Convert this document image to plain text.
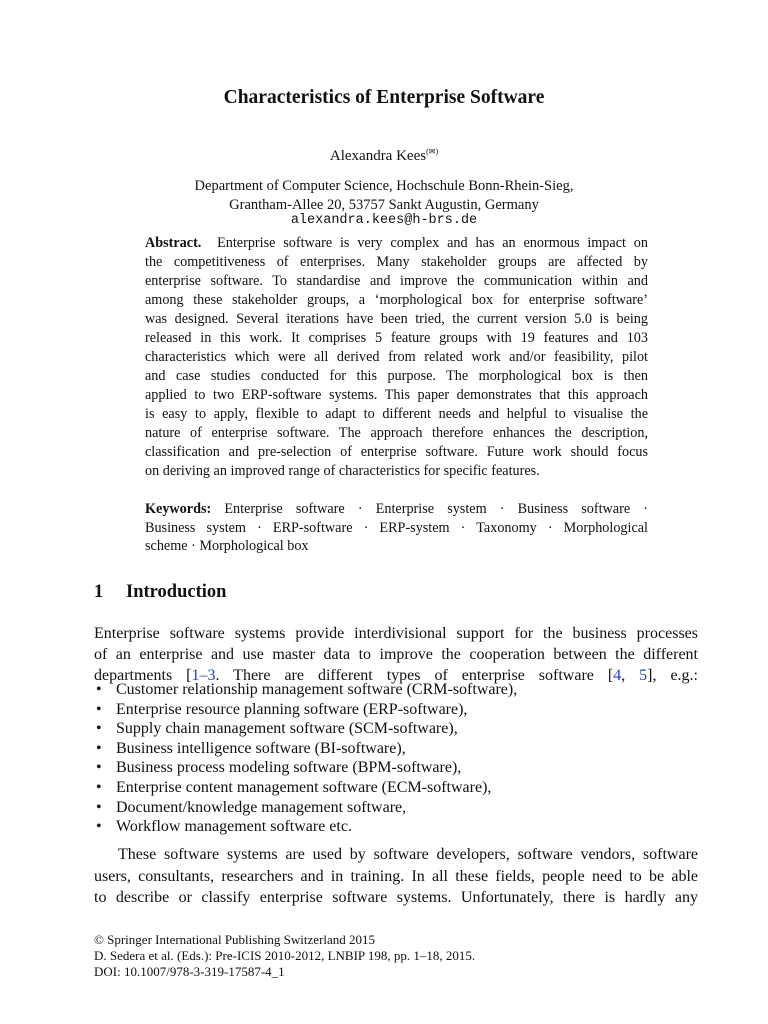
Characteristics of Enterprise Software
Alexandra Kees(✉)
Department of Computer Science, Hochschule Bonn-Rhein-Sieg,
Grantham-Allee 20, 53757 Sankt Augustin, Germany
alexandra.kees@h-brs.de
Abstract. Enterprise software is very complex and has an enormous impact on
the competitiveness of enterprises. Many stakeholder groups are affected by
enterprise software. To standardise and improve the communication within and
among these stakeholder groups, a ‘morphological box for enterprise software’
was designed. Several iterations have been tried, the current version 5.0 is being
released in this work. It comprises 5 feature groups with 19 features and 103
characteristics which were all derived from related work and/or feasibility, pilot
and case studies conducted for this purpose. The morphological box is then
applied to two ERP-software systems. This paper demonstrates that this approach
is easy to apply, flexible to adapt to different needs and helpful to visualise the
nature of enterprise software. The approach therefore enhances the description,
classification and pre-selection of enterprise software. Future work should focus
on deriving an improved range of characteristics for specific features.
Keywords: Enterprise software · Enterprise system · Business software ·
Business system · ERP-software · ERP-system · Taxonomy · Morphological
scheme · Morphological box
1 Introduction
Enterprise software systems provide interdivisional support for the business processes
of an enterprise and use master data to improve the cooperation between the different
departments [1–3. There are different types of enterprise software [4, 5], e.g.:
• Customer relationship management software (CRM-software),
• Enterprise resource planning software (ERP-software),
• Supply chain management software (SCM-software),
• Business intelligence software (BI-software),
• Business process modeling software (BPM-software),
• Enterprise content management software (ECM-software),
• Document/knowledge management software,
• Workflow management software etc.
These software systems are used by software developers, software vendors, software
users, consultants, researchers and in training. In all these fields, people need to be able
to describe or classify enterprise software systems. Unfortunately, there is hardly any
© Springer International Publishing Switzerland 2015
D. Sedera et al. (Eds.): Pre-ICIS 2010-2012, LNBIP 198, pp. 1–18, 2015.
DOI: 10.1007/978-3-319-17587-4_1
